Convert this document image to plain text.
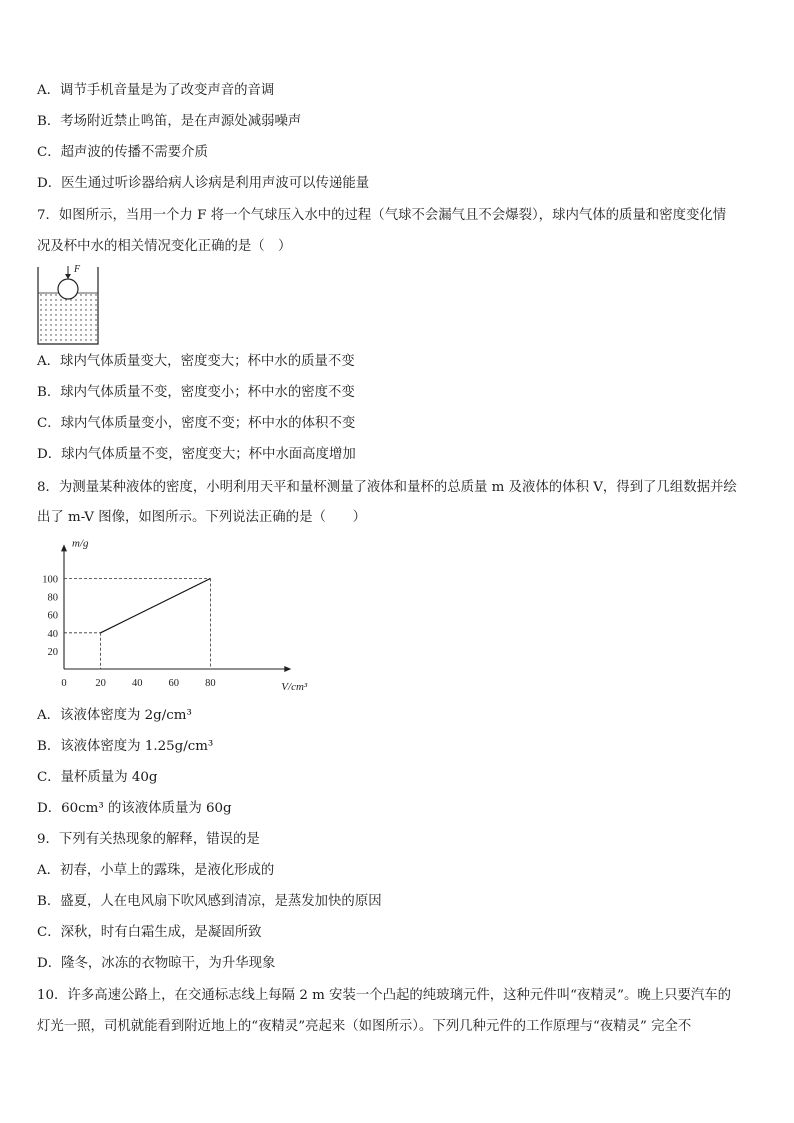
A．调节手机音量是为了改变声音的音调
B．考场附近禁止鸣笛，是在声源处减弱噪声
C．超声波的传播不需要介质
D．医生通过听诊器给病人诊病是利用声波可以传递能量
7．如图所示，当用一个力 F 将一个气球压入水中的过程（气球不会漏气且不会爆裂），球内气体的质量和密度变化情
况及杯中水的相关情况变化正确的是（　）
F
A．球内气体质量变大，密度变大；杯中水的质量不变
B．球内气体质量不变，密度变小；杯中水的密度不变
C．球内气体质量变小，密度不变；杯中水的体积不变
D．球内气体质量不变，密度变大；杯中水面高度增加
8．为测量某种液体的密度，小明利用天平和量杯测量了液体和量杯的总质量 m 及液体的体积 V，得到了几组数据并绘
出了 m-V 图像，如图所示。下列说法正确的是（　　）
0	20 40 60 80
20
40
60
80
100
m/g
V/cm³
A．该液体密度为 2g/cm³
B．该液体密度为 1.25g/cm³
C．量杯质量为 40g
D．60cm³ 的该液体质量为 60g
9．下列有关热现象的解释，错误的是
A．初春，小草上的露珠，是液化形成的
B．盛夏，人在电风扇下吹风感到清凉，是蒸发加快的原因
C．深秋，时有白霜生成，是凝固所致
D．隆冬，冰冻的衣物晾干，为升华现象
10．许多高速公路上，在交通标志线上每隔 2 m 安装一个凸起的纯玻璃元件，这种元件叫“夜精灵”。晚上只要汽车的
灯光一照，司机就能看到附近地上的“夜精灵”亮起来（如图所示）。下列几种元件的工作原理与“夜精灵” 完全不
